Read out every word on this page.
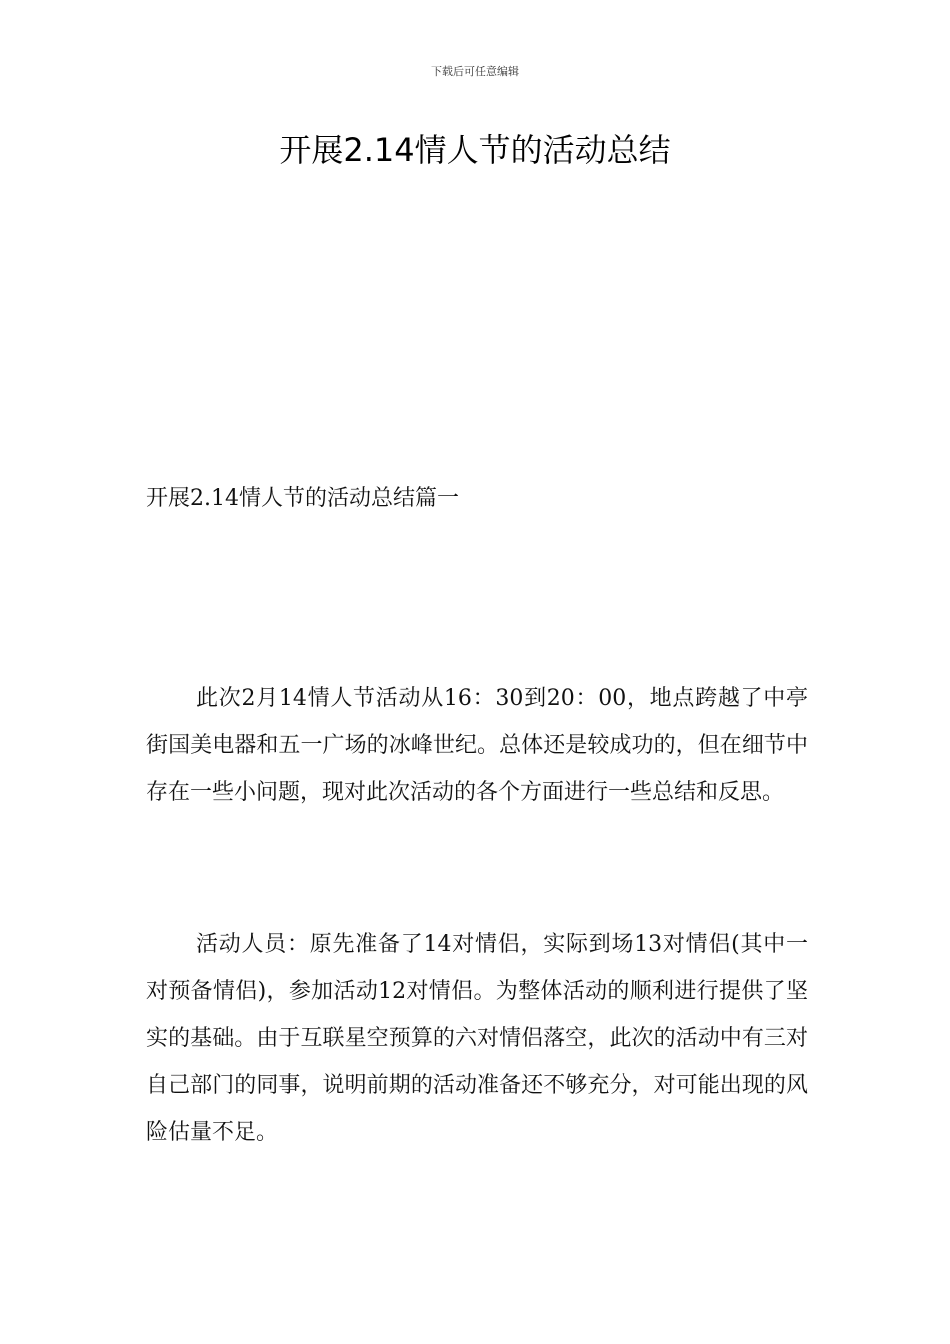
下载后可任意编辑
开展2.14情人节的活动总结
开展2.14情人节的活动总结篇一

此次2月14情人节活动从16：30到20：00，地点跨越了中亭街国美电器和五一广场的冰峰世纪。总体还是较成功的，但在细节中存在一些小问题，现对此次活动的各个方面进行一些总结和反思。

活动人员：原先准备了14对情侣，实际到场13对情侣(其中一对预备情侣)，参加活动12对情侣。为整体活动的顺利进行提供了坚实的基础。由于互联星空预算的六对情侣落空，此次的活动中有三对自己部门的同事，说明前期的活动准备还不够充分，对可能出现的风险估量不足。
